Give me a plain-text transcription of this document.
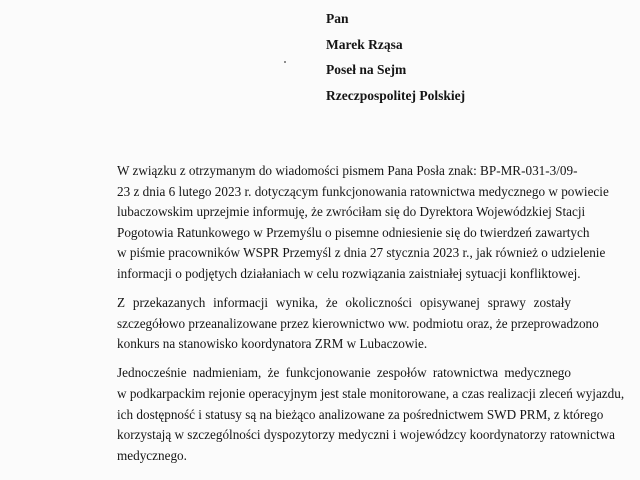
Pan
Marek Rząsa
Poseł na Sejm
Rzeczpospolitej Polskiej
W związku z otrzymanym do wiadomości pismem Pana Posła znak: BP-MR-031-3/09-
23 z dnia 6 lutego 2023 r. dotyczącym funkcjonowania ratownictwa medycznego w powiecie
lubaczowskim uprzejmie informuję, że zwróciłam się do Dyrektora Wojewódzkiej Stacji
Pogotowia Ratunkowego w Przemyślu o pisemne odniesienie się do twierdzeń zawartych
w piśmie pracowników WSPR Przemyśl z dnia 27 stycznia 2023 r., jak również o udzielenie
informacji o podjętych działaniach w celu rozwiązania zaistniałej sytuacji konfliktowej.
Z przekazanych informacji wynika, że okoliczności opisywanej sprawy zostały
szczegółowo przeanalizowane przez kierownictwo ww. podmiotu oraz, że przeprowadzono
konkurs na stanowisko koordynatora ZRM w Lubaczowie.
Jednocześnie nadmieniam, że funkcjonowanie zespołów ratownictwa medycznego
w podkarpackim rejonie operacyjnym jest stale monitorowane, a czas realizacji zleceń wyjazdu,
ich dostępność i statusy są na bieżąco analizowane za pośrednictwem SWD PRM, z którego
korzystają w szczególności dyspozytorzy medyczni i wojewódzcy koordynatorzy ratownictwa
medycznego.
